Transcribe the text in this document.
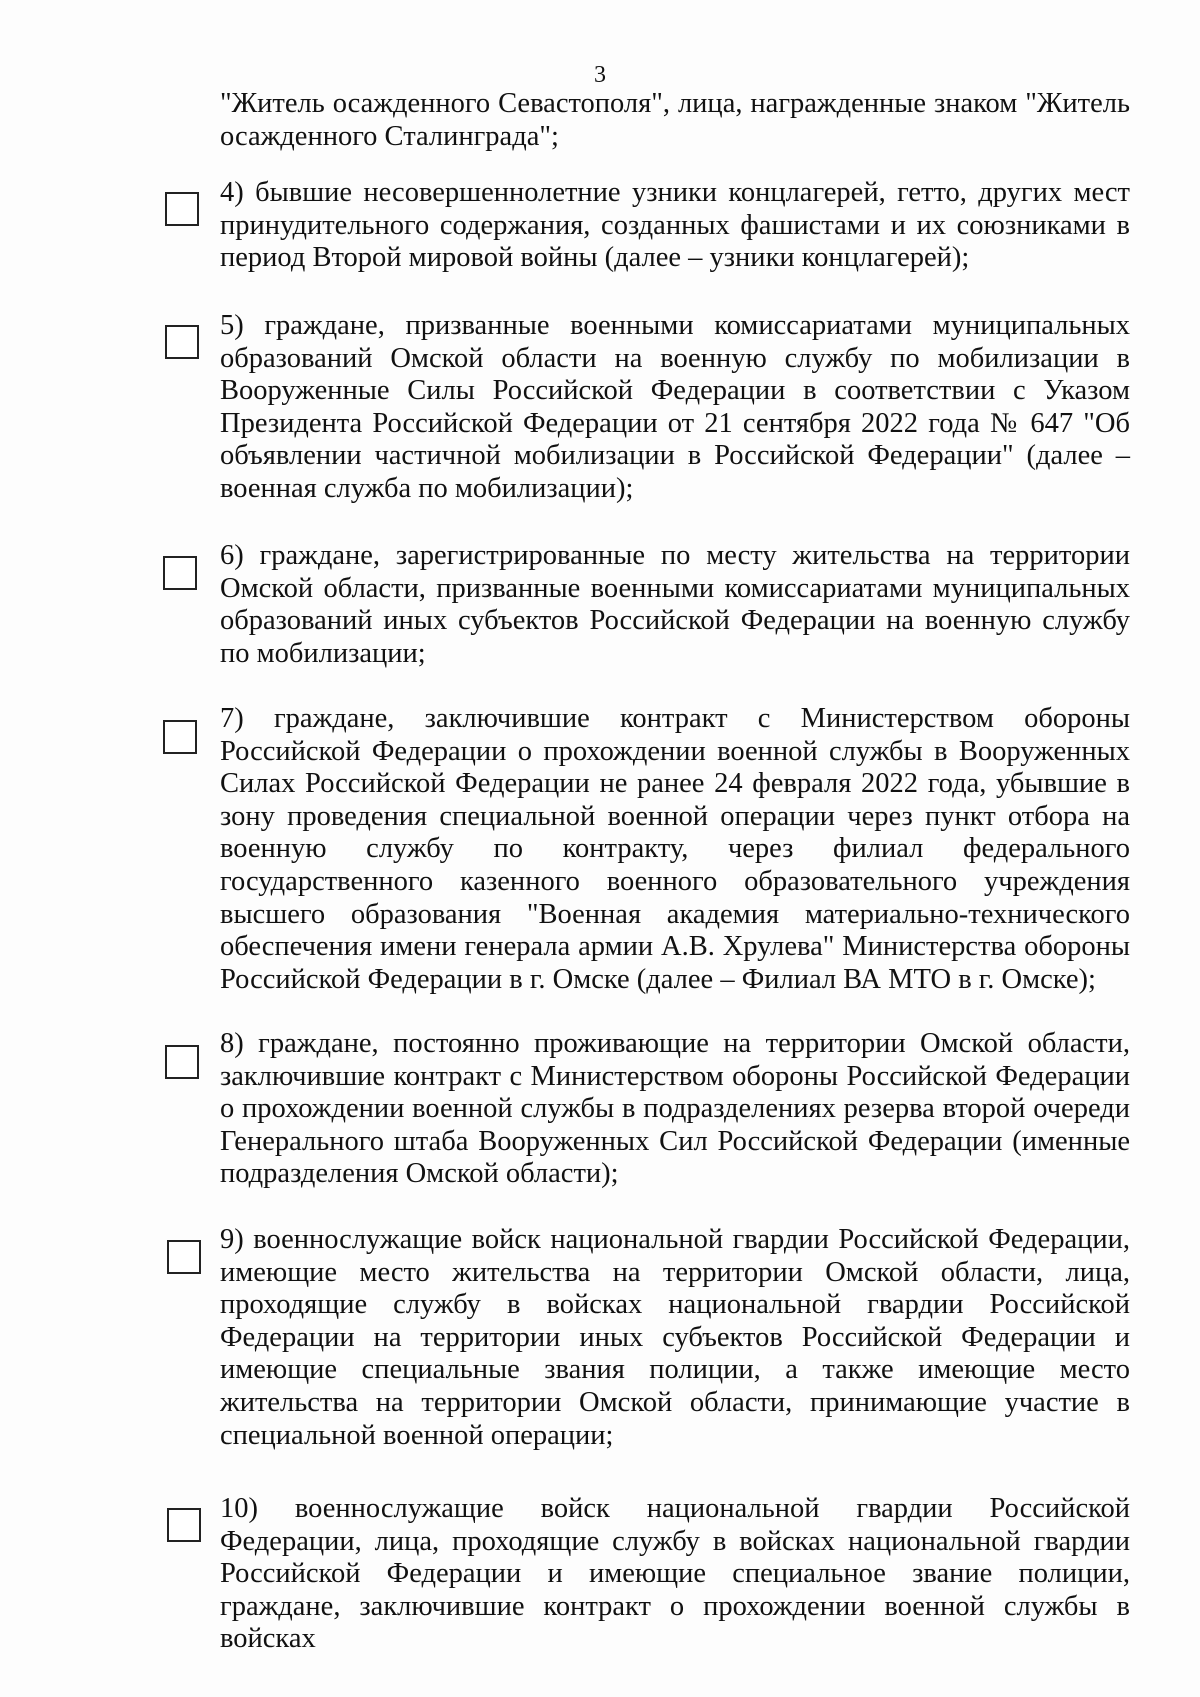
3
"Житель осажденного Севастополя", лица, награжденные знаком "Житель осажденного Сталинграда";
4) бывшие несовершеннолетние узники концлагерей, гетто, других мест принудительного содержания, созданных фашистами и их союзниками в период Второй мировой войны (далее – узники концлагерей);
5) граждане, призванные военными комиссариатами муниципальных образований Омской области на военную службу по мобилизации в Вооруженные Силы Российской Федерации в соответствии с Указом Президента Российской Федерации от 21 сентября 2022 года № 647 "Об объявлении частичной мобилизации в Российской Федерации" (далее – военная служба по мобилизации);
6) граждане, зарегистрированные по месту жительства на территории Омской области, призванные военными комиссариатами муниципальных образований иных субъектов Российской Федерации на военную службу по мобилизации;
7) граждане, заключившие контракт с Министерством обороны Российской Федерации о прохождении военной службы в Вооруженных Силах Российской Федерации не ранее 24 февраля 2022 года, убывшие в зону проведения специальной военной операции через пункт отбора на военную службу по контракту, через филиал федерального государственного казенного военного образовательного учреждения высшего образования "Военная академия материально-технического обеспечения имени генерала армии А.В. Хрулева" Министерства обороны Российской Федерации в г. Омске (далее – Филиал ВА МТО в г. Омске);
8) граждане, постоянно проживающие на территории Омской области, заключившие контракт с Министерством обороны Российской Федерации о прохождении военной службы в подразделениях резерва второй очереди Генерального штаба Вооруженных Сил Российской Федерации (именные подразделения Омской области);
9) военнослужащие войск национальной гвардии Российской Федерации, имеющие место жительства на территории Омской области, лица, проходящие службу в войсках национальной гвардии Российской Федерации на территории иных субъектов Российской Федерации и имеющие специальные звания полиции, а также имеющие место жительства на территории Омской области, принимающие участие в специальной военной операции;
10) военнослужащие войск национальной гвардии Российской Федерации, лица, проходящие службу в войсках национальной гвардии Российской Федерации и имеющие специальное звание полиции, граждане, заключившие контракт о прохождении военной службы в войсках
